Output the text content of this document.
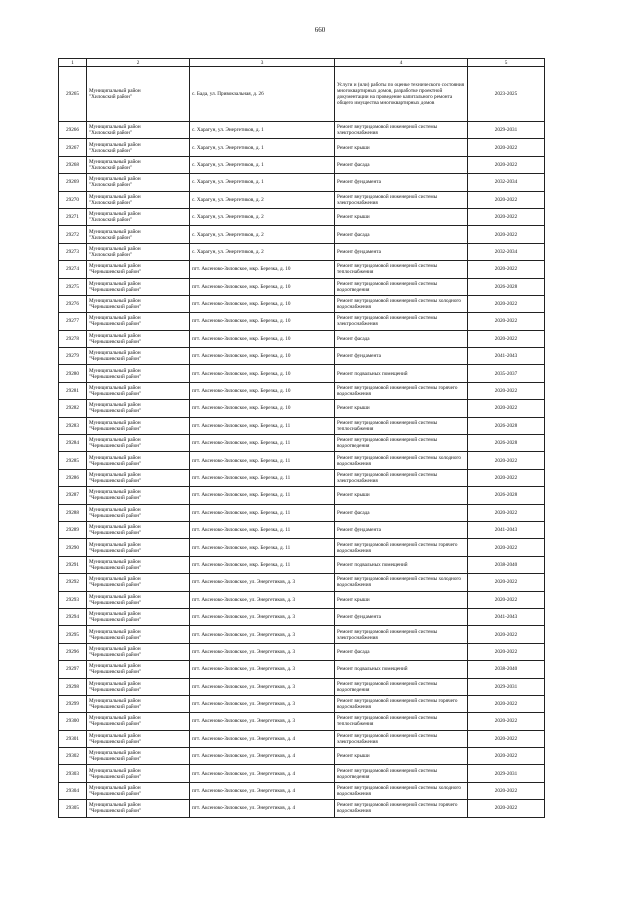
660
1	2	3	4	5

29265	Муниципальный район
"Хилокский район"	с. Бада, ул. Привокзальная, д. 26	Услуги и (или) работы по оценке технического состояния многоквартирных домов, разработке проектной документации на проведение капитального ремонта общего имущества многоквартирных домов	2023-2025

29266	Муниципальный район
"Хилокский район"	с. Харагун, ул. Энергетиков, д. 1	Ремонт внутридомовой инженерной системы электроснабжения	2029-2031

29267	Муниципальный район
"Хилокский район"	с. Харагун, ул. Энергетиков, д. 1	Ремонт крыши	2020-2022

29268	Муниципальный район
"Хилокский район"	с. Харагун, ул. Энергетиков, д. 1	Ремонт фасада	2020-2022

29269	Муниципальный район
"Хилокский район"	с. Харагун, ул. Энергетиков, д. 1	Ремонт фундамента	2032-2034

29270	Муниципальный район
"Хилокский район"	с. Харагун, ул. Энергетиков, д. 2	Ремонт внутридомовой инженерной системы электроснабжения	2020-2022

29271	Муниципальный район
"Хилокский район"	с. Харагун, ул. Энергетиков, д. 2	Ремонт крыши	2020-2022

29272	Муниципальный район
"Хилокский район"	с. Харагун, ул. Энергетиков, д. 2	Ремонт фасада	2020-2022

29273	Муниципальный район
"Хилокский район"	с. Харагун, ул. Энергетиков, д. 2	Ремонт фундамента	2032-2034

29274	Муниципальный район
"Чернышевский район"	пгт. Аксеново-Зиловское, мкр. Березка, д. 10	Ремонт внутридомовой инженерной системы теплоснабжения	2020-2022

29275	Муниципальный район
"Чернышевский район"	пгт. Аксеново-Зиловское, мкр. Березка, д. 10	Ремонт внутридомовой инженерной системы водоотведения	2026-2028

29276	Муниципальный район
"Чернышевский район"	пгт. Аксеново-Зиловское, мкр. Березка, д. 10	Ремонт внутридомовой инженерной системы холодного водоснабжения	2020-2022

29277	Муниципальный район
"Чернышевский район"	пгт. Аксеново-Зиловское, мкр. Березка, д. 10	Ремонт внутридомовой инженерной системы электроснабжения	2020-2022

29278	Муниципальный район
"Чернышевский район"	пгт. Аксеново-Зиловское, мкр. Березка, д. 10	Ремонт фасада	2020-2022

29279	Муниципальный район
"Чернышевский район"	пгт. Аксеново-Зиловское, мкр. Березка, д. 10	Ремонт фундамента	2041-2043

29280	Муниципальный район
"Чернышевский район"	пгт. Аксеново-Зиловское, мкр. Березка, д. 10	Ремонт подвальных помещений	2035-2037

29281	Муниципальный район
"Чернышевский район"	пгт. Аксеново-Зиловское, мкр. Березка, д. 10	Ремонт внутридомовой инженерной системы горячего водоснабжения	2020-2022

29282	Муниципальный район
"Чернышевский район"	пгт. Аксеново-Зиловское, мкр. Березка, д. 10	Ремонт крыши	2020-2022

29283	Муниципальный район
"Чернышевский район"	пгт. Аксеново-Зиловское, мкр. Березка, д. 11	Ремонт внутридомовой инженерной системы теплоснабжения	2026-2028

29284	Муниципальный район
"Чернышевский район"	пгт. Аксеново-Зиловское, мкр. Березка, д. 11	Ремонт внутридомовой инженерной системы водоотведения	2026-2028

29285	Муниципальный район
"Чернышевский район"	пгт. Аксеново-Зиловское, мкр. Березка, д. 11	Ремонт внутридомовой инженерной системы холодного водоснабжения	2020-2022

29286	Муниципальный район
"Чернышевский район"	пгт. Аксеново-Зиловское, мкр. Березка, д. 11	Ремонт внутридомовой инженерной системы электроснабжения	2020-2022

29287	Муниципальный район
"Чернышевский район"	пгт. Аксеново-Зиловское, мкр. Березка, д. 11	Ремонт крыши	2026-2028

29288	Муниципальный район
"Чернышевский район"	пгт. Аксеново-Зиловское, мкр. Березка, д. 11	Ремонт фасада	2020-2022

29289	Муниципальный район
"Чернышевский район"	пгт. Аксеново-Зиловское, мкр. Березка, д. 11	Ремонт фундамента	2041-2043

29290	Муниципальный район
"Чернышевский район"	пгт. Аксеново-Зиловское, мкр. Березка, д. 11	Ремонт внутридомовой инженерной системы горячего водоснабжения	2020-2022

29291	Муниципальный район
"Чернышевский район"	пгт. Аксеново-Зиловское, мкр. Березка, д. 11	Ремонт подвальных помещений	2038-2040

29292	Муниципальный район
"Чернышевский район"	пгт. Аксеново-Зиловское, ул. Энергетиков, д. 3	Ремонт внутридомовой инженерной системы холодного водоснабжения	2020-2022

29293	Муниципальный район
"Чернышевский район"	пгт. Аксеново-Зиловское, ул. Энергетиков, д. 3	Ремонт крыши	2020-2022

29294	Муниципальный район
"Чернышевский район"	пгт. Аксеново-Зиловское, ул. Энергетиков, д. 3	Ремонт фундамента	2041-2043

29295	Муниципальный район
"Чернышевский район"	пгт. Аксеново-Зиловское, ул. Энергетиков, д. 3	Ремонт внутридомовой инженерной системы электроснабжения	2020-2022

29296	Муниципальный район
"Чернышевский район"	пгт. Аксеново-Зиловское, ул. Энергетиков, д. 3	Ремонт фасада	2020-2022

29297	Муниципальный район
"Чернышевский район"	пгт. Аксеново-Зиловское, ул. Энергетиков, д. 3	Ремонт подвальных помещений	2038-2040

29298	Муниципальный район
"Чернышевский район"	пгт. Аксеново-Зиловское, ул. Энергетиков, д. 3	Ремонт внутридомовой инженерной системы водоотведения	2029-2031

29299	Муниципальный район
"Чернышевский район"	пгт. Аксеново-Зиловское, ул. Энергетиков, д. 3	Ремонт внутридомовой инженерной системы горячего водоснабжения	2020-2022

29300	Муниципальный район
"Чернышевский район"	пгт. Аксеново-Зиловское, ул. Энергетиков, д. 3	Ремонт внутридомовой инженерной системы теплоснабжения	2020-2022

29301	Муниципальный район
"Чернышевский район"	пгт. Аксеново-Зиловское, ул. Энергетиков, д. 4	Ремонт внутридомовой инженерной системы электроснабжения	2020-2022

29302	Муниципальный район
"Чернышевский район"	пгт. Аксеново-Зиловское, ул. Энергетиков, д. 4	Ремонт крыши	2020-2022

29303	Муниципальный район
"Чернышевский район"	пгт. Аксеново-Зиловское, ул. Энергетиков, д. 4	Ремонт внутридомовой инженерной системы водоотведения	2029-2031

29304	Муниципальный район
"Чернышевский район"	пгт. Аксеново-Зиловское, ул. Энергетиков, д. 4	Ремонт внутридомовой инженерной системы холодного водоснабжения	2020-2022

29305	Муниципальный район
"Чернышевский район"	пгт. Аксеново-Зиловское, ул. Энергетиков, д. 4	Ремонт внутридомовой инженерной системы горячего водоснабжения	2020-2022
